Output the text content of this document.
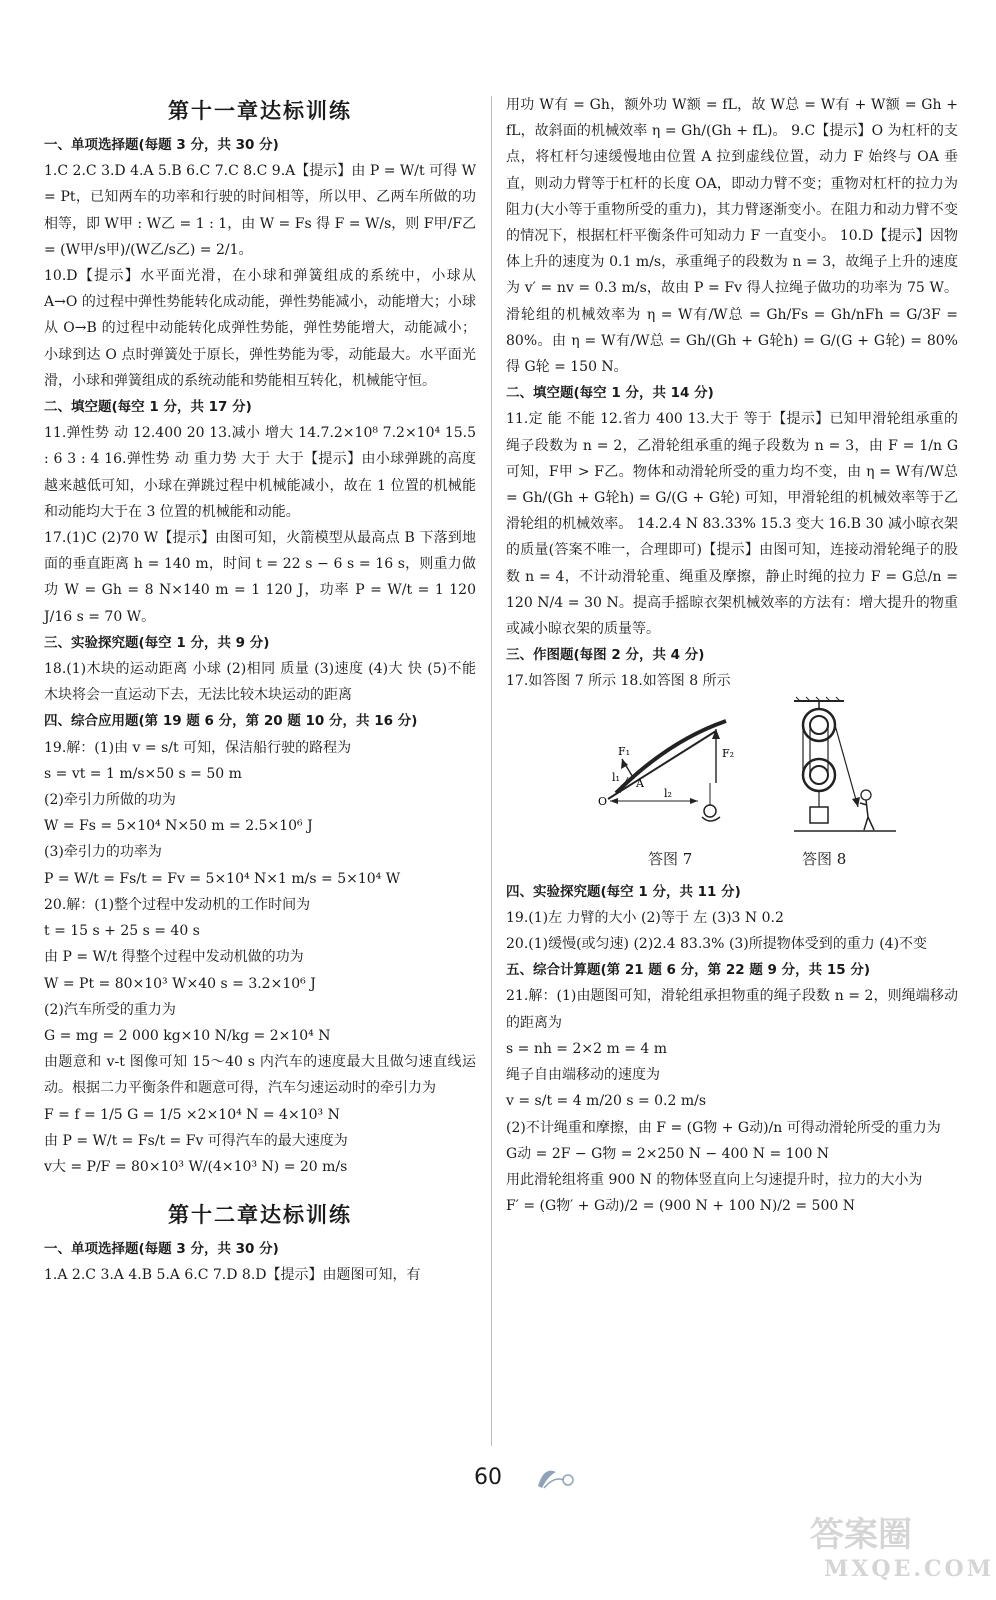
第十一章达标训练
一、单项选择题(每题 3 分，共 30 分)
1.C 2.C 3.D 4.A 5.B 6.C 7.C 8.C 9.A【提示】由 P = W/t 可得 W = Pt，已知两车的功率和行驶的时间相等，所以甲、乙两车所做的功相等，即 W甲 : W乙 = 1 : 1，由 W = Fs 得 F = W/s，则 F甲/F乙 = (W甲/s甲)/(W乙/s乙) = 2/1。
10.D【提示】水平面光滑，在小球和弹簧组成的系统中，小球从 A→O 的过程中弹性势能转化成动能，弹性势能减小，动能增大；小球从 O→B 的过程中动能转化成弹性势能，弹性势能增大，动能减小；小球到达 O 点时弹簧处于原长，弹性势能为零，动能最大。水平面光滑，小球和弹簧组成的系统动能和势能相互转化，机械能守恒。
二、填空题(每空 1 分，共 17 分)
11.弹性势 动 12.400 20 13.减小 增大 14.7.2×10⁸ 7.2×10⁴ 15.5 : 6 3 : 4 16.弹性势 动 重力势 大于 大于【提示】由小球弹跳的高度越来越低可知，小球在弹跳过程中机械能减小，故在 1 位置的机械能和动能均大于在 3 位置的机械能和动能。
17.(1)C (2)70 W【提示】由图可知，火箭模型从最高点 B 下落到地面的垂直距离 h = 140 m，时间 t = 22 s − 6 s = 16 s，则重力做功 W = Gh = 8 N×140 m = 1 120 J，功率 P = W/t = 1 120 J/16 s = 70 W。
三、实验探究题(每空 1 分，共 9 分)
18.(1)木块的运动距离 小球 (2)相同 质量 (3)速度 (4)大 快 (5)不能 木块将会一直运动下去，无法比较木块运动的距离
四、综合应用题(第 19 题 6 分，第 20 题 10 分，共 16 分)
19.解：(1)由 v = s/t 可知，保洁船行驶的路程为
s = vt = 1 m/s×50 s = 50 m
(2)牵引力所做的功为
W = Fs = 5×10⁴ N×50 m = 2.5×10⁶ J
(3)牵引力的功率为
P = W/t = Fs/t = Fv = 5×10⁴ N×1 m/s = 5×10⁴ W
20.解：(1)整个过程中发动机的工作时间为
t = 15 s + 25 s = 40 s
由 P = W/t 得整个过程中发动机做的功为
W = Pt = 80×10³ W×40 s = 3.2×10⁶ J
(2)汽车所受的重力为
G = mg = 2 000 kg×10 N/kg = 2×10⁴ N
由题意和 v-t 图像可知 15～40 s 内汽车的速度最大且做匀速直线运动。根据二力平衡条件和题意可得，汽车匀速运动时的牵引力为
F = f = 1/5 G = 1/5 ×2×10⁴ N = 4×10³ N
由 P = W/t = Fs/t = Fv 可得汽车的最大速度为
v大 = P/F = 80×10³ W/(4×10³ N) = 20 m/s
第十二章达标训练
一、单项选择题(每题 3 分，共 30 分)
1.A 2.C 3.A 4.B 5.A 6.C 7.D 8.D【提示】由题图可知，有
用功 W有 = Gh，额外功 W额 = fL，故 W总 = W有 + W额 = Gh + fL，故斜面的机械效率 η = Gh/(Gh + fL)。 9.C【提示】O 为杠杆的支点，将杠杆匀速缓慢地由位置 A 拉到虚线位置，动力 F 始终与 OA 垂直，则动力臂等于杠杆的长度 OA，即动力臂不变；重物对杠杆的拉力为阻力(大小等于重物所受的重力)，其力臂逐渐变小。在阻力和动力臂不变的情况下，根据杠杆平衡条件可知动力 F 一直变小。 10.D【提示】因物体上升的速度为 0.1 m/s，承重绳子的段数为 n = 3，故绳子上升的速度为 v′ = nv = 0.3 m/s，故由 P = Fv 得人拉绳子做功的功率为 75 W。滑轮组的机械效率为 η = W有/W总 = Gh/Fs = Gh/nFh = G/3F = 80%。由 η = W有/W总 = Gh/(Gh + G轮h) = G/(G + G轮) = 80% 得 G轮 = 150 N。
二、填空题(每空 1 分，共 14 分)
11.定 能 不能 12.省力 400 13.大于 等于【提示】已知甲滑轮组承重的绳子段数为 n = 2，乙滑轮组承重的绳子段数为 n = 3，由 F = 1/n G 可知，F甲 > F乙。物体和动滑轮所受的重力均不变，由 η = W有/W总 = Gh/(Gh + G轮h) = G/(G + G轮) 可知，甲滑轮组的机械效率等于乙滑轮组的机械效率。 14.2.4 N 83.33% 15.3 变大 16.B 30 减小晾衣架的质量(答案不唯一，合理即可)【提示】由图可知，连接动滑轮绳子的股数 n = 4，不计动滑轮重、绳重及摩擦，静止时绳的拉力 F = G总/n = 120 N/4 = 30 N。提高手摇晾衣架机械效率的方法有：增大提升的物重或减小晾衣架的质量等。
三、作图题(每图 2 分，共 4 分)
17.如答图 7 所示 18.如答图 8 所示
F₁	F₂
l₁
l₂
A
O
答图 7	答图 8
四、实验探究题(每空 1 分，共 11 分)
19.(1)左 力臂的大小 (2)等于 左 (3)3 N 0.2
20.(1)缓慢(或匀速) (2)2.4 83.3% (3)所提物体受到的重力 (4)不变
五、综合计算题(第 21 题 6 分，第 22 题 9 分，共 15 分)
21.解：(1)由题图可知，滑轮组承担物重的绳子段数 n = 2，则绳端移动的距离为
s = nh = 2×2 m = 4 m
绳子自由端移动的速度为
v = s/t = 4 m/20 s = 0.2 m/s
(2)不计绳重和摩擦，由 F = (G物 + G动)/n 可得动滑轮所受的重力为
G动 = 2F − G物 = 2×250 N − 400 N = 100 N
用此滑轮组将重 900 N 的物体竖直向上匀速提升时，拉力的大小为
F′ = (G物′ + G动)/2 = (900 N + 100 N)/2 = 500 N
60
答案圈
MXQE.COM
